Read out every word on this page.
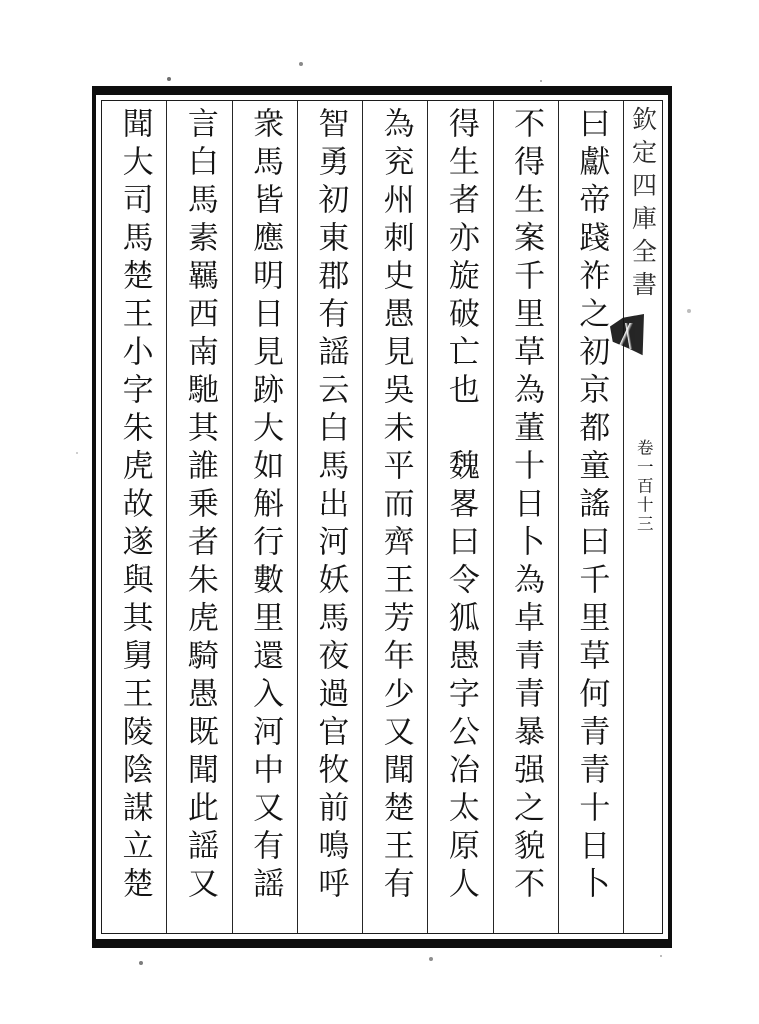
聞大司馬楚王小字朱虎故遂與其舅王陵陰謀立楚 言白馬素羈西南馳其誰乗者朱虎騎愚既聞此謡又 衆馬皆應明日見跡大如斛行數里還入河中又有謡 智勇初東郡有謡云白馬出河妖馬夜過官牧前鳴呼 為兖州刺史愚見吳未平而齊王芳年少又聞楚王有 得生者亦旋破亡也　魏畧曰令狐愚字公冶太原人 不得生案千里草為董十日卜為卓青青暴强之貌不 曰獻帝踐祚之初京都童謠曰千里草何青青十日卜 欽定四庫全書
卷一百十三
